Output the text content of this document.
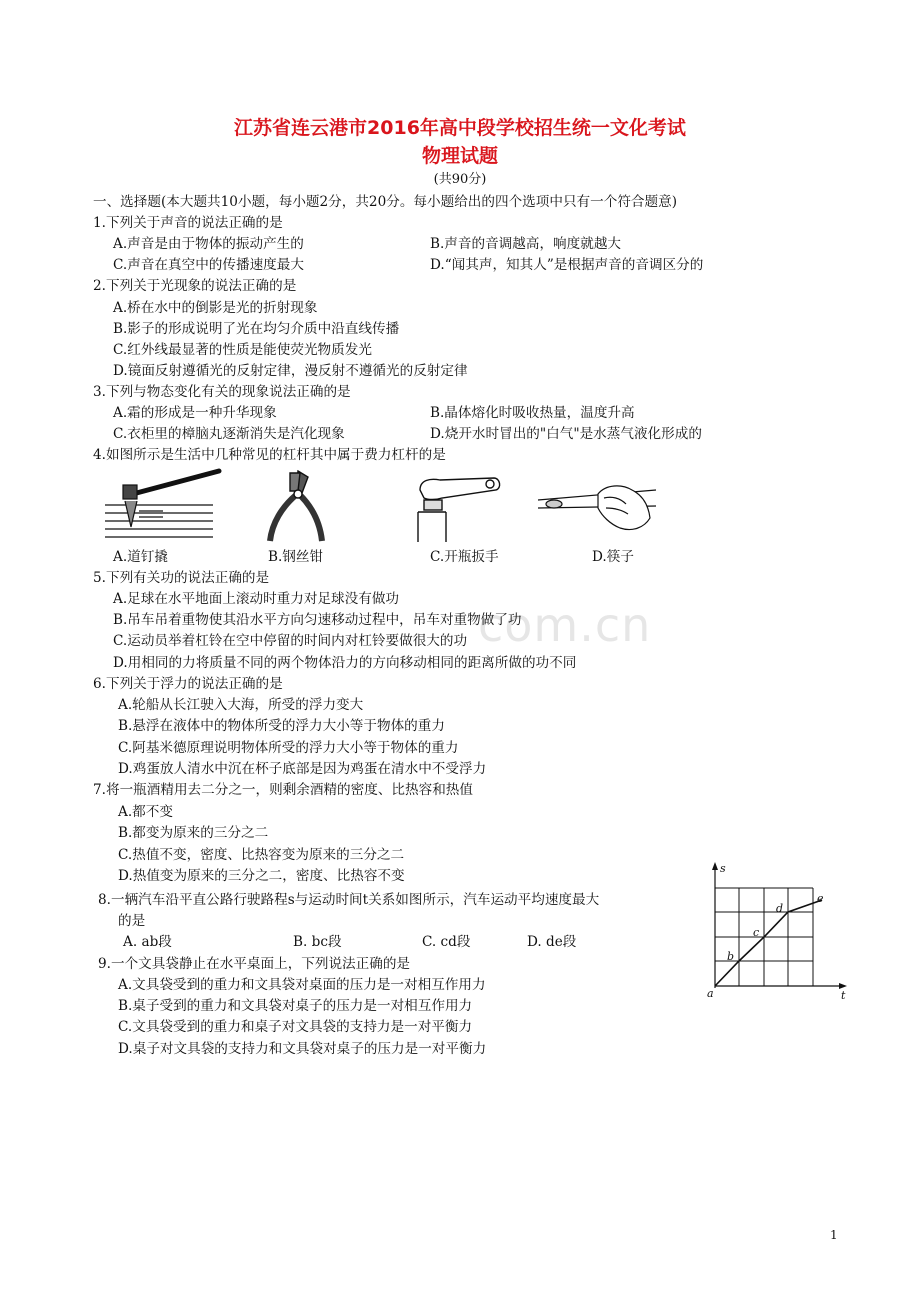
com.cn
江苏省连云港市2016年高中段学校招生统一文化考试
物理试题
(共90分)
一、选择题(本大题共10小题，每小题2分，共20分。每小题给出的四个选项中只有一个符合题意)
1.下列关于声音的说法正确的是
A.声音是由于物体的振动产生的	B.声音的音调越高，响度就越大
C.声音在真空中的传播速度最大	D.“闻其声，知其人”是根据声音的音调区分的
2.下列关于光现象的说法正确的是
A.桥在水中的倒影是光的折射现象
B.影子的形成说明了光在均匀介质中沿直线传播
C.红外线最显著的性质是能使荧光物质发光
D.镜面反射遵循光的反射定律，漫反射不遵循光的反射定律
3.下列与物态变化有关的现象说法正确的是
A.霜的形成是一种升华现象	B.晶体熔化时吸收热量，温度升高
C.衣柜里的樟脑丸逐渐消失是汽化现象	D.烧开水时冒出的"白气"是水蒸气液化形成的
4.如图所示是生活中几种常见的杠杆其中属于费力杠杆的是
A.道钉撬	B.钢丝钳	C.开瓶扳手	D.筷子
5.下列有关功的说法正确的是
A.足球在水平地面上滚动时重力对足球没有做功
B.吊车吊着重物使其沿水平方向匀速移动过程中，吊车对重物做了功
C.运动员举着杠铃在空中停留的时间内对杠铃要做很大的功
D.用相同的力将质量不同的两个物体沿力的方向移动相同的距离所做的功不同
6.下列关于浮力的说法正确的是
A.轮船从长江驶入大海，所受的浮力变大
B.悬浮在液体中的物体所受的浮力大小等于物体的重力
C.阿基米德原理说明物体所受的浮力大小等于物体的重力
D.鸡蛋放人清水中沉在杯子底部是因为鸡蛋在清水中不受浮力
7.将一瓶酒精用去二分之一，则剩余酒精的密度、比热容和热值
A.都不变
B.都变为原来的三分之二
C.热值不变，密度、比热容变为原来的三分之二
D.热值变为原来的三分之二，密度、比热容不变
8.一辆汽车沿平直公路行驶路程s与运动时间t关系如图所示，汽车运动平均速度最大
的是
A. ab段	B. bc段	C. cd段	D. de段
s
t
a
b
c
d
e
9.一个文具袋静止在水平桌面上，下列说法正确的是
A.文具袋受到的重力和文具袋对桌面的压力是一对相互作用力
B.桌子受到的重力和文具袋对桌子的压力是一对相互作用力
C.文具袋受到的重力和桌子对文具袋的支持力是一对平衡力
D.桌子对文具袋的支持力和文具袋对桌子的压力是一对平衡力
1
